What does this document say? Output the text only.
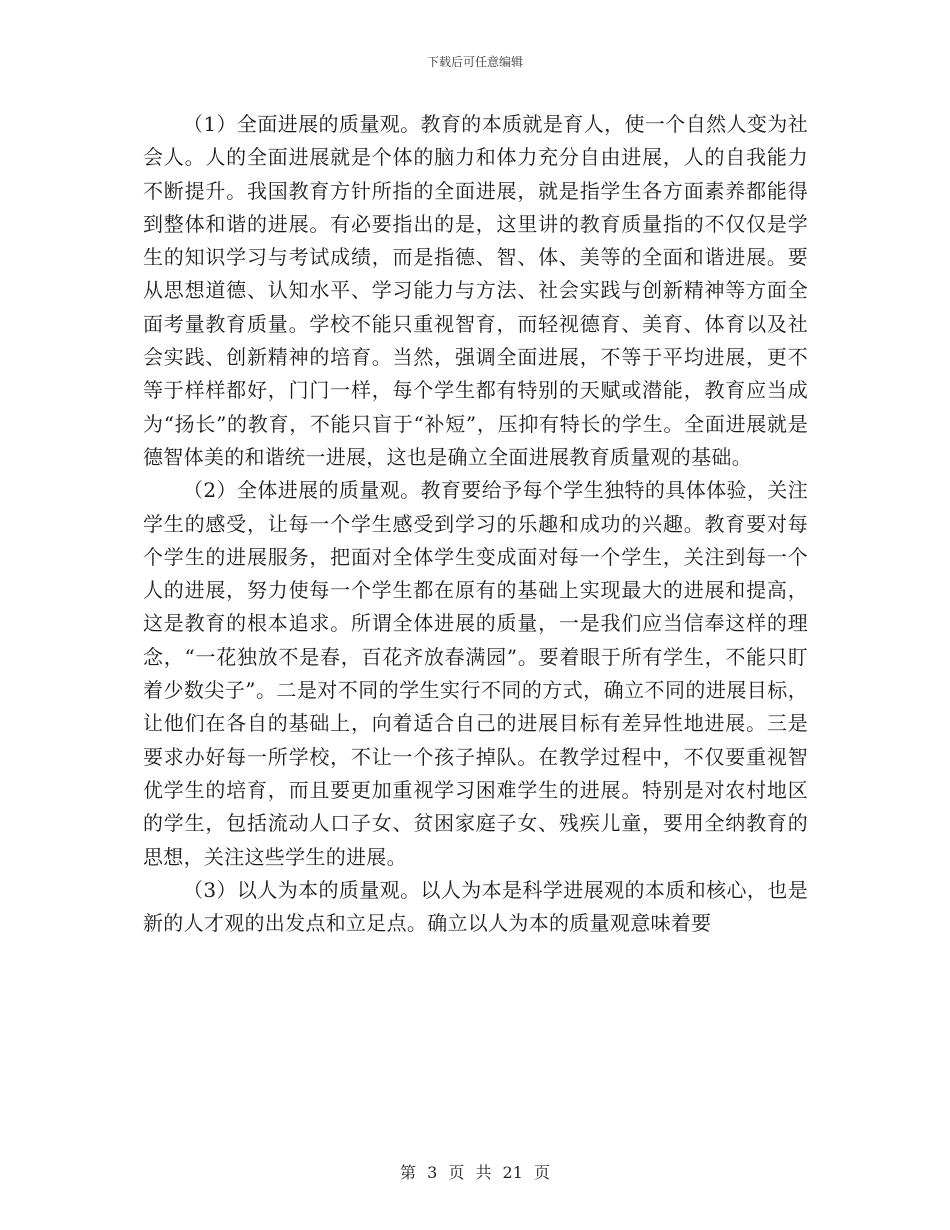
下载后可任意编辑

（1）全面进展的质量观。教育的本质就是育人，使一个自然人变为社会人。人的全面进展就是个体的脑力和体力充分自由进展，人的自我能力不断提升。我国教育方针所指的全面进展，就是指学生各方面素养都能得到整体和谐的进展。有必要指出的是，这里讲的教育质量指的不仅仅是学生的知识学习与考试成绩，而是指德、智、体、美等的全面和谐进展。要从思想道德、认知水平、学习能力与方法、社会实践与创新精神等方面全面考量教育质量。学校不能只重视智育，而轻视德育、美育、体育以及社会实践、创新精神的培育。当然，强调全面进展，不等于平均进展，更不等于样样都好，门门一样，每个学生都有特别的天赋或潜能，教育应当成为“扬长”的教育，不能只盲于“补短”，压抑有特长的学生。全面进展就是德智体美的和谐统一进展，这也是确立全面进展教育质量观的基础。

（2）全体进展的质量观。教育要给予每个学生独特的具体体验，关注学生的感受，让每一个学生感受到学习的乐趣和成功的兴趣。教育要对每个学生的进展服务，把面对全体学生变成面对每一个学生，关注到每一个人的进展，努力使每一个学生都在原有的基础上实现最大的进展和提高，这是教育的根本追求。所谓全体进展的质量，一是我们应当信奉这样的理念，“一花独放不是春，百花齐放春满园”。要着眼于所有学生，不能只盯着少数尖子”。二是对不同的学生实行不同的方式，确立不同的进展目标，让他们在各自的基础上，向着适合自己的进展目标有差异性地进展。三是要求办好每一所学校，不让一个孩子掉队。在教学过程中，不仅要重视智优学生的培育，而且要更加重视学习困难学生的进展。特别是对农村地区的学生，包括流动人口子女、贫困家庭子女、残疾儿童，要用全纳教育的思想，关注这些学生的进展。

（3）以人为本的质量观。以人为本是科学进展观的本质和核心，也是新的人才观的出发点和立足点。确立以人为本的质量观意味着要

第 3 页 共 21 页
